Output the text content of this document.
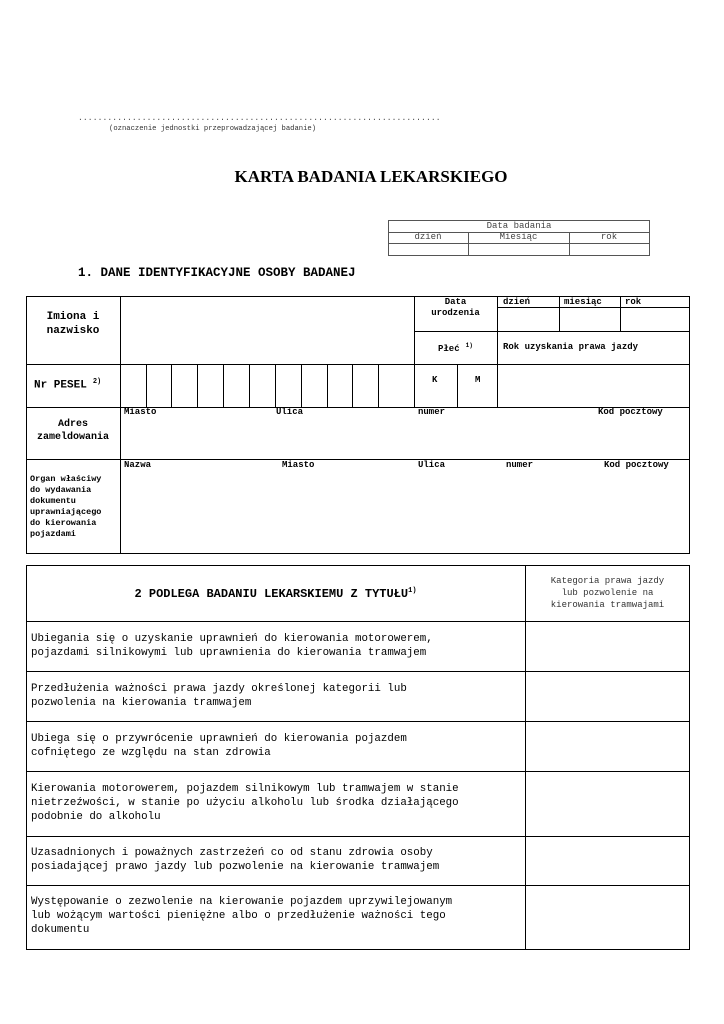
..........................................................................
(oznaczenie jednostki przeprowadzającej badanie)
KARTA BADANIA LEKARSKIEGO
Data badania
dzień	Miesiąc	rok
1. DANE IDENTYFIKACYJNE OSOBY BADANEJ
Imiona i
nazwisko
Data
urodzenia
dzień	miesiąc	rok
Płeć $^{1)}$	Rok uzyskania prawa jazdy
Nr PESEL $^{2)}$	K	M
Adres
zameldowania
Miasto	Ulica	numer	Kod pocztowy
Organ właściwy
do wydawania
dokumentu
uprawniającego
do kierowania
pojazdami
Nazwa	Miasto	Ulica	numer	Kod pocztowy
2 PODLEGA BADANIU LEKARSKIEMU Z TYTUŁU$^{1)}$
Kategoria prawa jazdy
lub pozwolenie na
kierowania tramwajami
Ubiegania się o uzyskanie uprawnień do kierowania motorowerem,
pojazdami silnikowymi lub uprawnienia do kierowania tramwajem
Przedłużenia ważności prawa jazdy określonej kategorii lub
pozwolenia na kierowania tramwajem
Ubiega się o przywrócenie uprawnień do kierowania pojazdem
cofniętego ze względu na stan zdrowia
Kierowania motorowerem, pojazdem silnikowym lub tramwajem w stanie
nietrzeźwości, w stanie po użyciu alkoholu lub środka działającego
podobnie do alkoholu
Uzasadnionych i poważnych zastrzeżeń co od stanu zdrowia osoby
posiadającej prawo jazdy lub pozwolenie na kierowanie tramwajem
Występowanie o zezwolenie na kierowanie pojazdem uprzywilejowanym
lub wożącym wartości pieniężne albo o przedłużenie ważności tego
dokumentu
